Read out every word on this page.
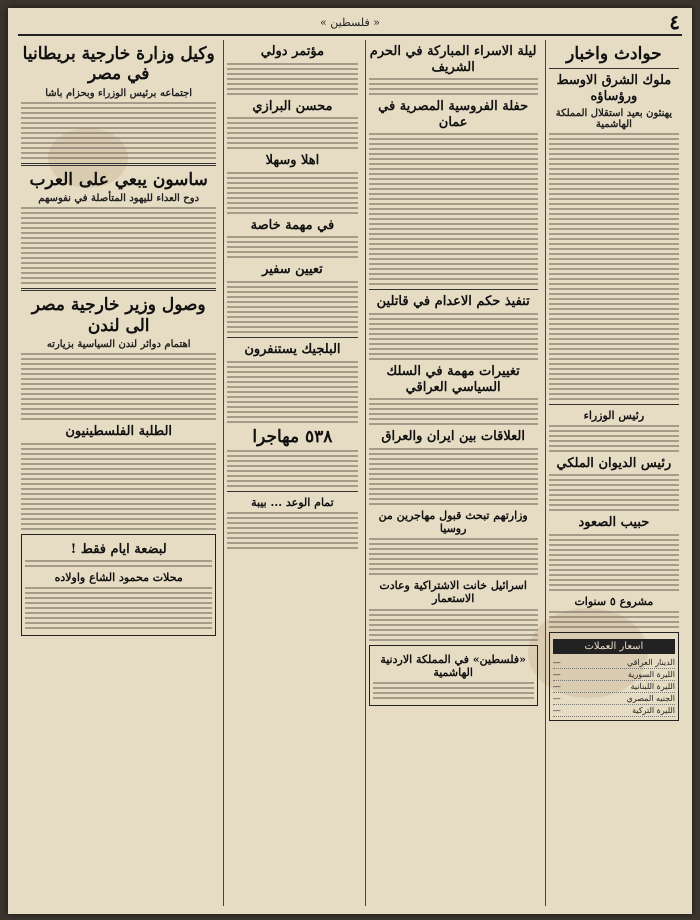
٤
« فلسطين »
حوادث واخبار
ملوك الشرق الاوسط ورؤساؤه
يهنئون بعيد استقلال المملكة الهاشمية
رئيس الوزراء
رئيس الديوان الملكي
حبيب الصعود
مشروع ٥ سنوات
اسعار العملات
الدينار العراقي
—
الليرة السورية
—
الليرة اللبنانية
—
الجنيه المصري
—
الليرة التركية
—
ليلة الاسراء المباركة في الحرم الشريف
حفلة الفروسية المصرية في عمان
تنفيذ حكم الاعدام في قاتلين
تغييرات مهمة في السلك السياسي العراقي
العلاقات بين ايران والعراق
وزارتهم تبحث قبول مهاجرين من روسيا
اسرائيل خانت الاشتراكية وعادت الاستعمار
«فلسطين» في المملكة الاردنية الهاشمية
مؤتمر دولي
محسن البرازي
اهلا وسهلا
في مهمة خاصة
تعيين سفير
البلجيك يستنفرون
٥٣٨ مهاجرا
تمام الوعد ... بيبة
وكيل وزارة خارجية بريطانيا في مصر
اجتماعه برئيس الوزراء وبحزام باشا
ساسون يبعي على العرب
دوح العداء لليهود المتأصلة في نفوسهم
وصول وزير خارجية مصر الى لندن
اهتمام دوائر لندن السياسية بزيارته
الطلبة الفلسطينيون
لبضعة ايام فقط !
محلات محمود الشاع واولاده
